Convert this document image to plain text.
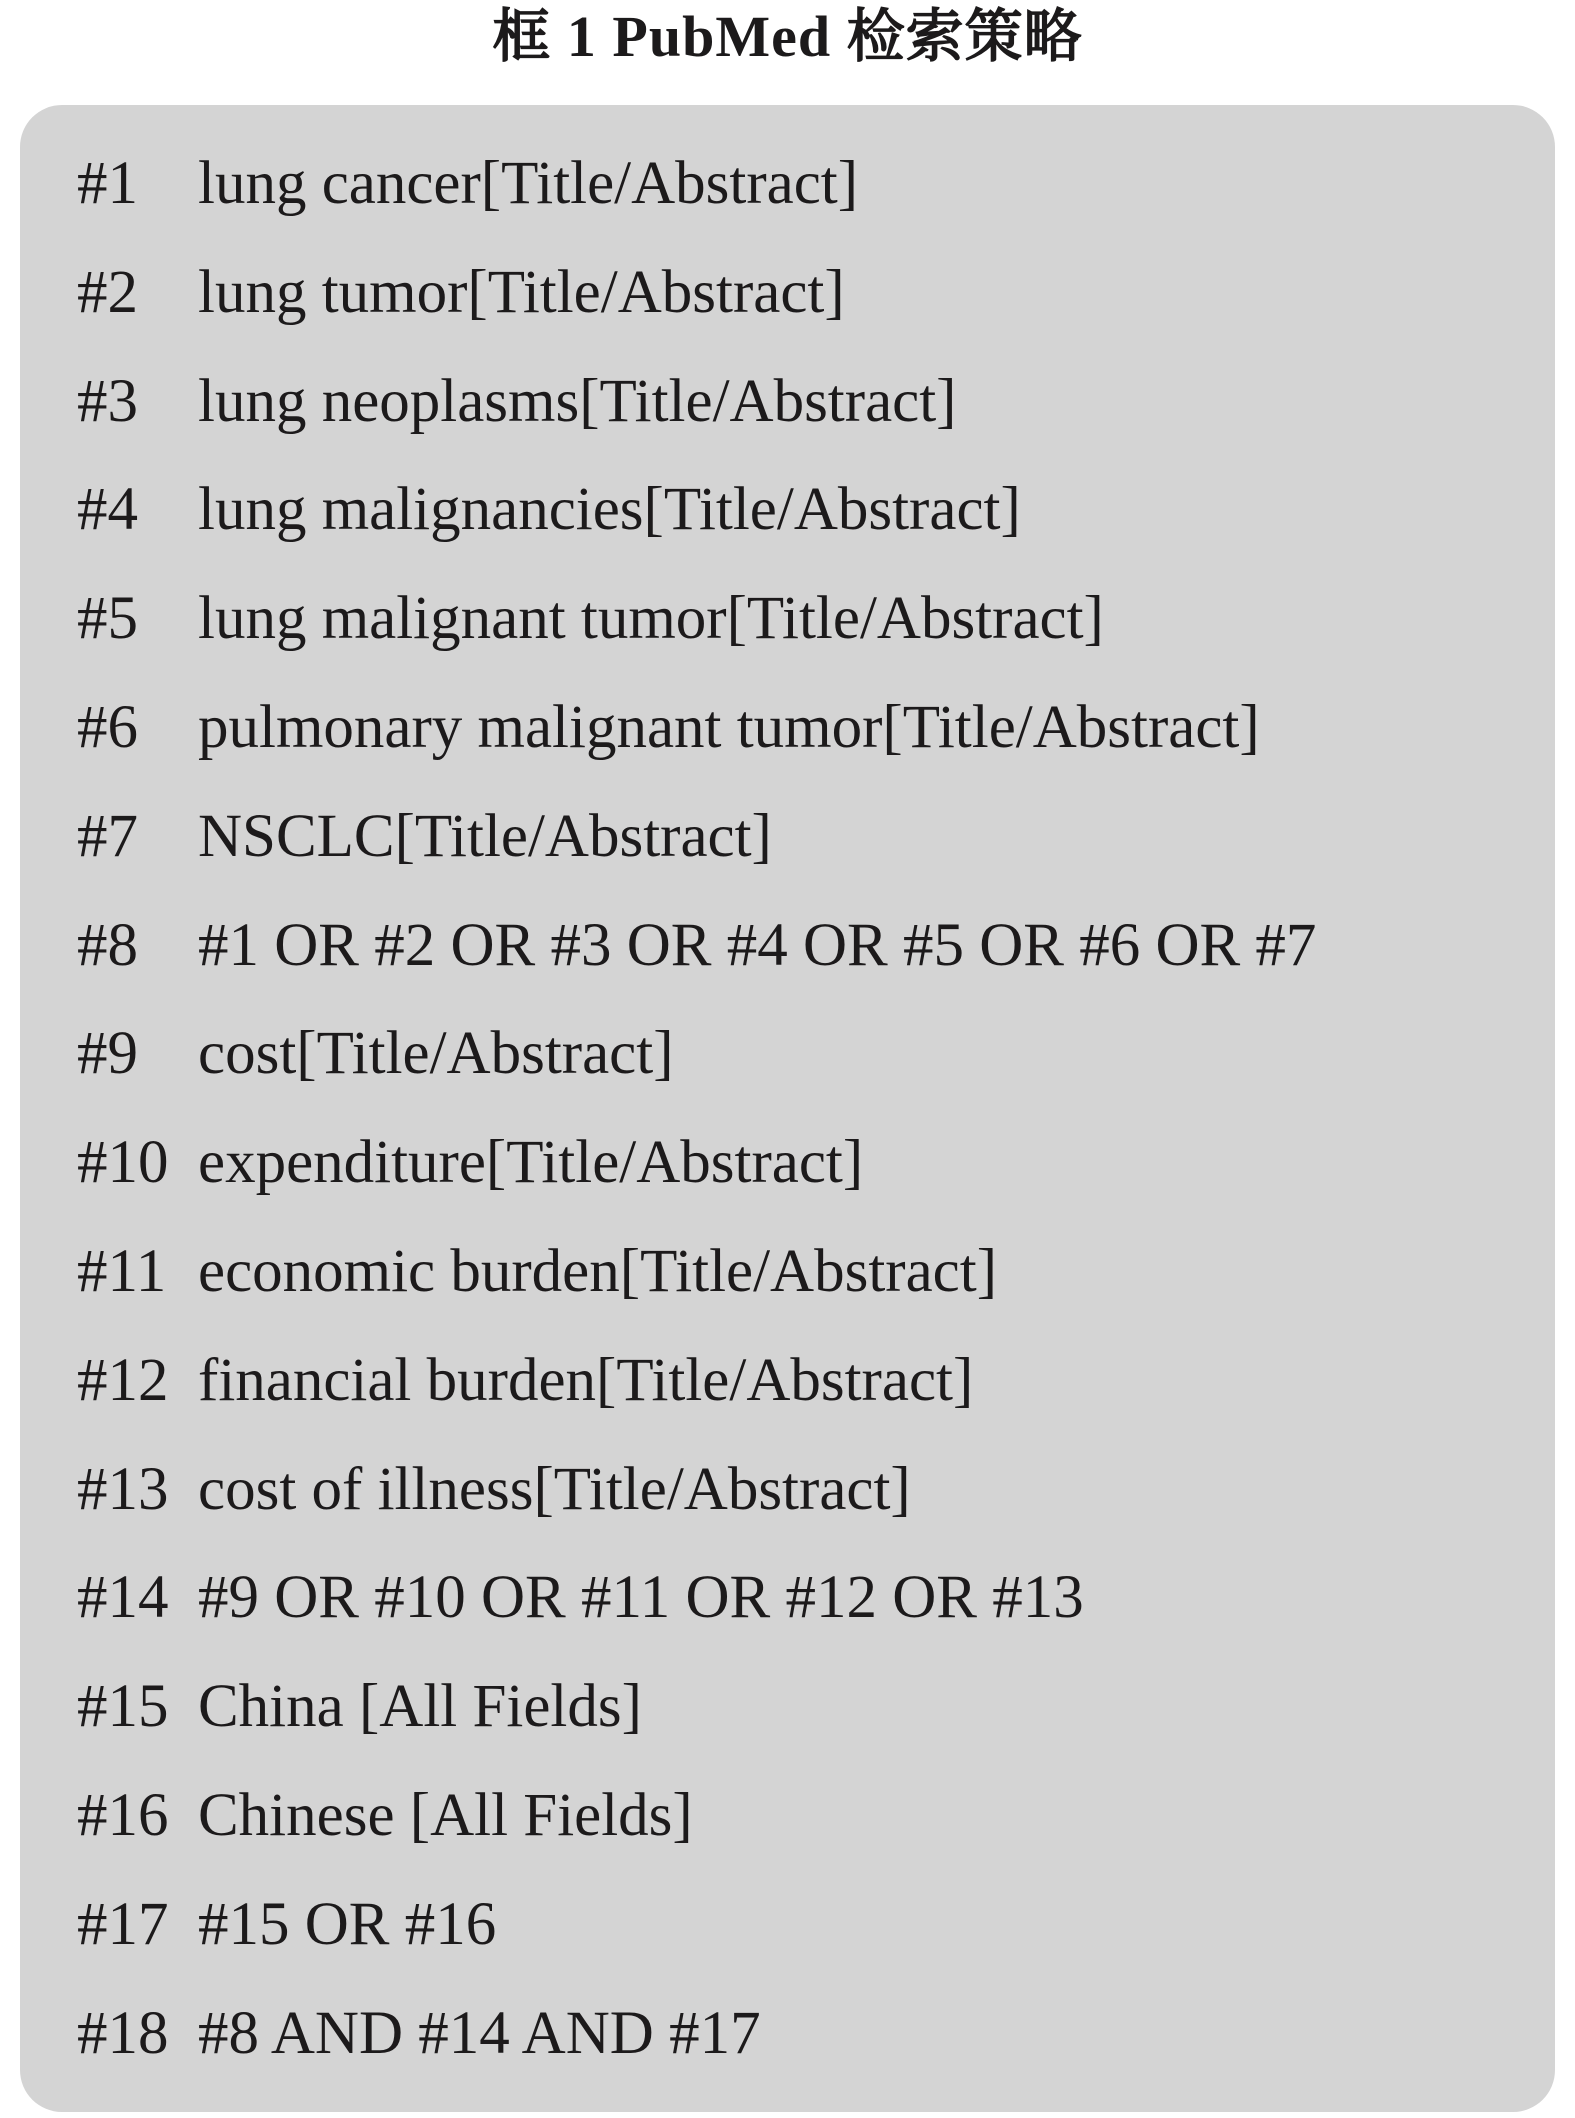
框 1 PubMed 检索策略
#1 lung cancer[Title/Abstract]
#2 lung tumor[Title/Abstract]
#3 lung neoplasms[Title/Abstract]
#4 lung malignancies[Title/Abstract]
#5 lung malignant tumor[Title/Abstract]
#6 pulmonary malignant tumor[Title/Abstract]
#7 NSCLC[Title/Abstract]
#8 #1 OR #2 OR #3 OR #4 OR #5 OR #6 OR #7
#9 cost[Title/Abstract]
#10 expenditure[Title/Abstract]
#11 economic burden[Title/Abstract]
#12 financial burden[Title/Abstract]
#13 cost of illness[Title/Abstract]
#14 #9 OR #10 OR #11 OR #12 OR #13
#15 China [All Fields]
#16 Chinese [All Fields]
#17 #15 OR #16
#18 #8 AND #14 AND #17
